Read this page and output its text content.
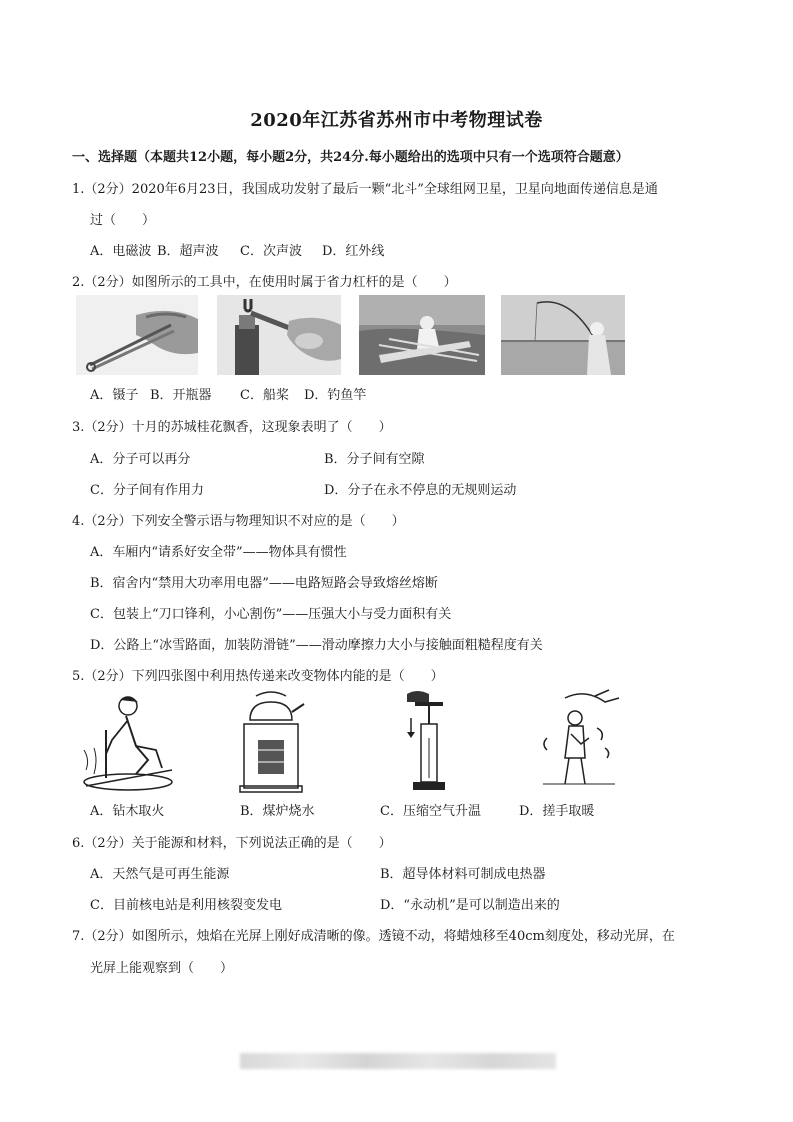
2020年江苏省苏州市中考物理试卷
一、选择题（本题共12小题，每小题2分，共24分.每小题给出的选项中只有一个选项符合题意）
1.（2分）2020年6月23日，我国成功发射了最后一颗“北斗”全球组网卫星，卫星向地面传递信息是通
过（　　）
A．电磁波 B．超声波 C．次声波 D．红外线
2.（2分）如图所示的工具中，在使用时属于省力杠杆的是（　　）
A．镊子 B．开瓶器 C．船桨 D．钓鱼竿
3.（2分）十月的苏城桂花飘香，这现象表明了（　　）
A．分子可以再分	B．分子间有空隙
C．分子间有作用力	D．分子在永不停息的无规则运动
4.（2分）下列安全警示语与物理知识不对应的是（　　）
A．车厢内“请系好安全带”——物体具有惯性
B．宿舍内“禁用大功率用电器”——电路短路会导致熔丝熔断
C．包装上“刀口锋利，小心割伤”——压强大小与受力面积有关
D．公路上“冰雪路面，加装防滑链”——滑动摩擦力大小与接触面粗糙程度有关
5.（2分）下列四张图中利用热传递来改变物体内能的是（　　）
A．钻木取火	B．煤炉烧水	C．压缩空气升温	D．搓手取暖
6.（2分）关于能源和材料，下列说法正确的是（　　）
A．天然气是可再生能源	B．超导体材料可制成电热器
C．目前核电站是利用核裂变发电	D．“永动机”是可以制造出来的
7.（2分）如图所示，烛焰在光屏上刚好成清晰的像。透镜不动，将蜡烛移至40cm刻度处，移动光屏，在
光屏上能观察到（　　）
